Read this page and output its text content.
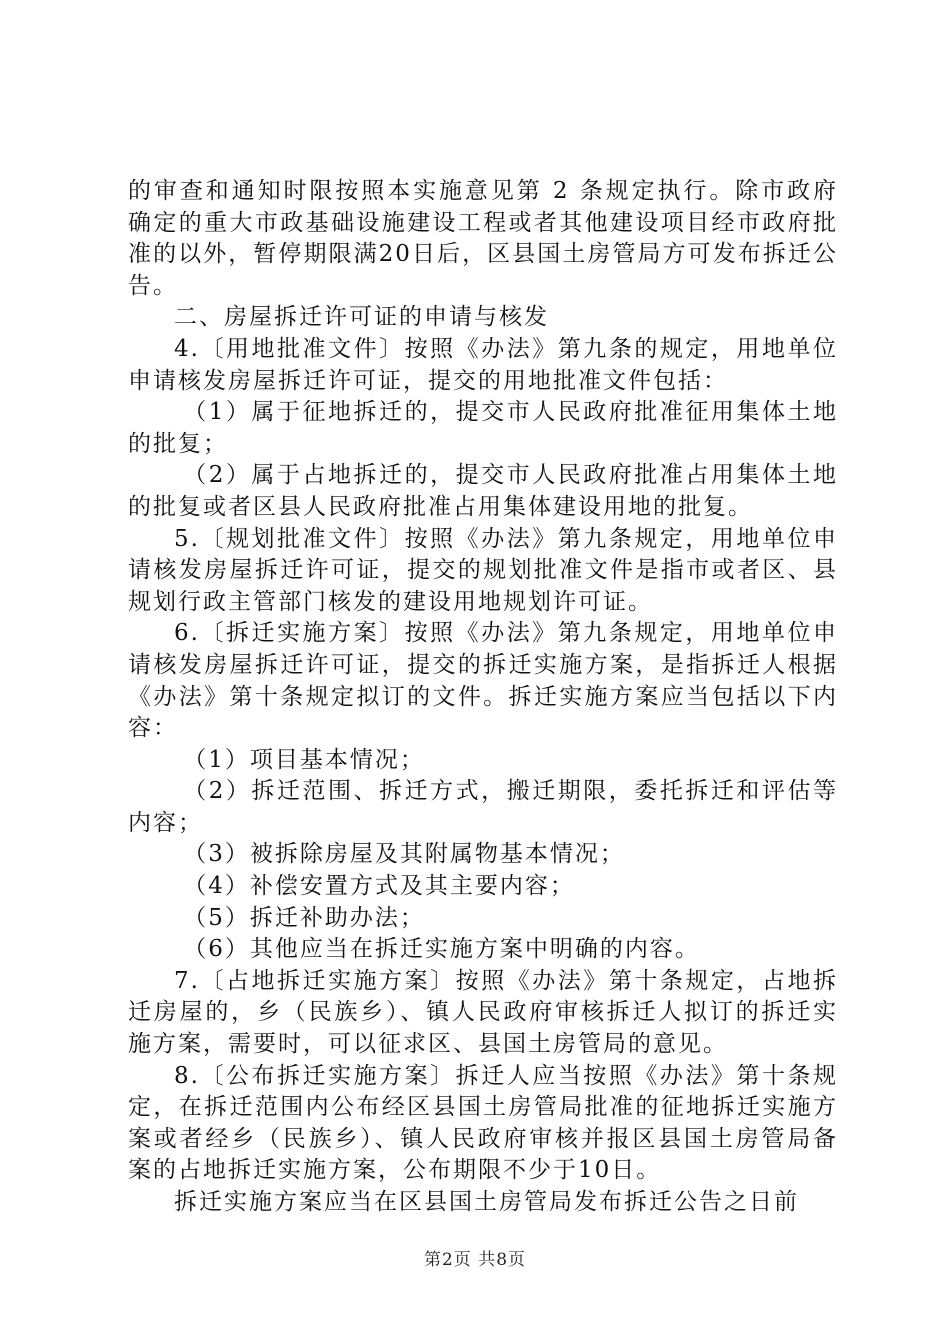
的审查和通知时限按照本实施意见第 2 条规定执行。除市政府确定的重大市政基础设施建设工程或者其他建设项目经市政府批准的以外，暂停期限满20日后，区县国土房管局方可发布拆迁公告。

二、房屋拆迁许可证的申请与核发

4.〔用地批准文件〕按照《办法》第九条的规定，用地单位申请核发房屋拆迁许可证，提交的用地批准文件包括：

（1）属于征地拆迁的，提交市人民政府批准征用集体土地的批复；

（2）属于占地拆迁的，提交市人民政府批准占用集体土地的批复或者区县人民政府批准占用集体建设用地的批复。

5.〔规划批准文件〕按照《办法》第九条规定，用地单位申请核发房屋拆迁许可证，提交的规划批准文件是指市或者区、县规划行政主管部门核发的建设用地规划许可证。

6.〔拆迁实施方案〕按照《办法》第九条规定，用地单位申请核发房屋拆迁许可证，提交的拆迁实施方案，是指拆迁人根据《办法》第十条规定拟订的文件。拆迁实施方案应当包括以下内容：

（1）项目基本情况；

（2）拆迁范围、拆迁方式，搬迁期限，委托拆迁和评估等内容；

（3）被拆除房屋及其附属物基本情况；

（4）补偿安置方式及其主要内容；

（5）拆迁补助办法；

（6）其他应当在拆迁实施方案中明确的内容。

7.〔占地拆迁实施方案〕按照《办法》第十条规定，占地拆迁房屋的，乡（民族乡）、镇人民政府审核拆迁人拟订的拆迁实施方案，需要时，可以征求区、县国土房管局的意见。

8.〔公布拆迁实施方案〕拆迁人应当按照《办法》第十条规定，在拆迁范围内公布经区县国土房管局批准的征地拆迁实施方案或者经乡（民族乡）、镇人民政府审核并报区县国土房管局备案的占地拆迁实施方案，公布期限不少于10日。

拆迁实施方案应当在区县国土房管局发布拆迁公告之日前

第2页 共8页
